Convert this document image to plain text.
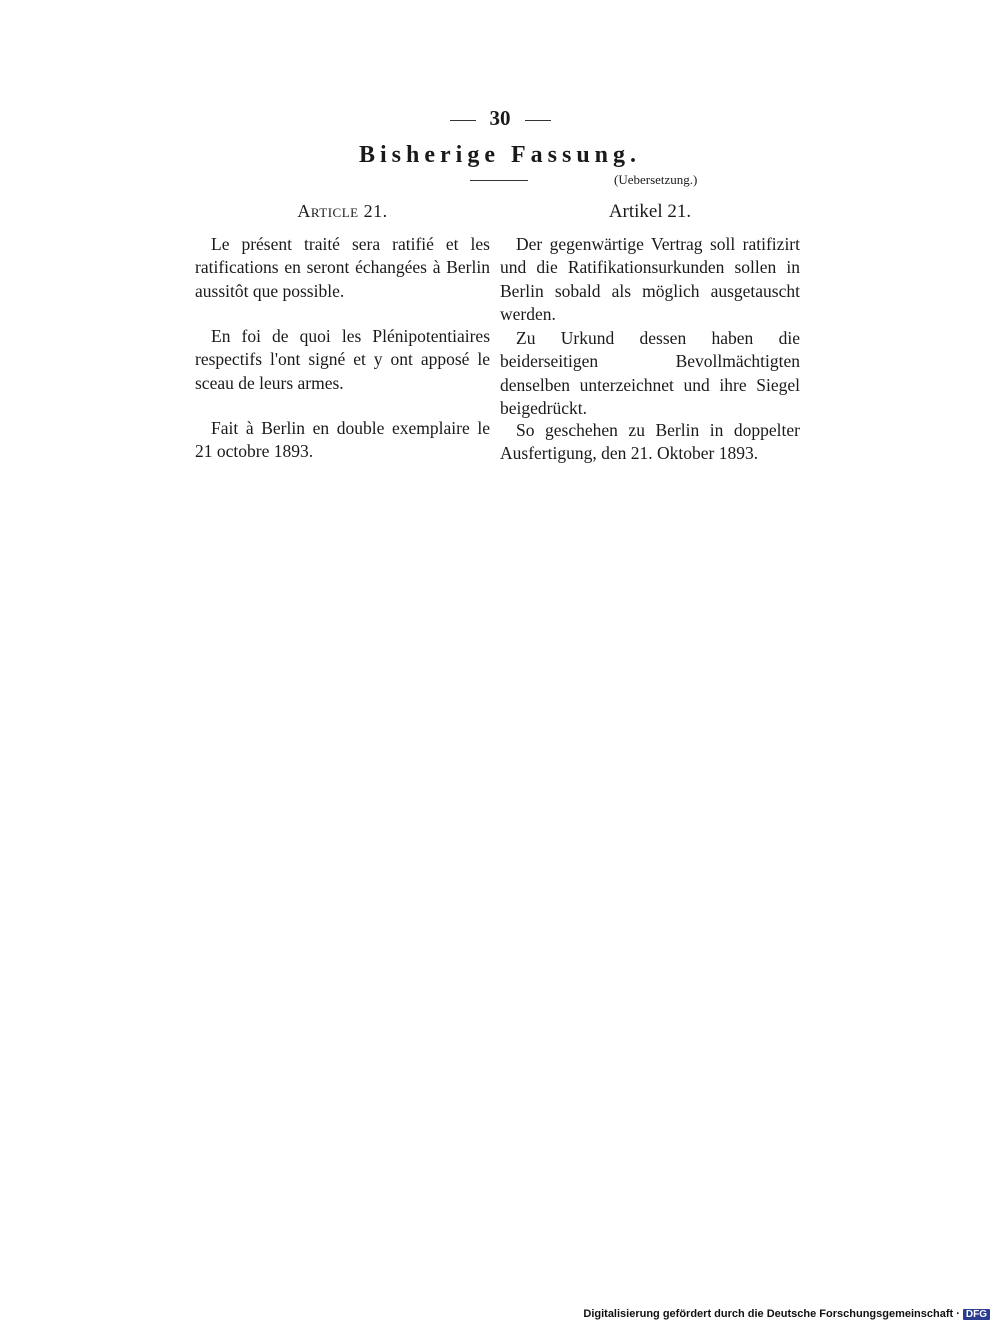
30
Bisherige Fassung.
(Uebersetzung.)

Article 21.

Le présent traité sera ratifié et les ratifications en seront échangées à Berlin aussitôt que possible.

En foi de quoi les Plénipotentiaires respectifs l'ont signé et y ont apposé le sceau de leurs armes.

Fait à Berlin en double exemplaire le 21 octobre 1893.

Artikel 21.

Der gegenwärtige Vertrag soll ratifizirt und die Ratifikationsurkunden sollen in Berlin sobald als möglich ausgetauscht werden.

Zu Urkund dessen haben die beiderseitigen Bevollmächtigten denselben unterzeichnet und ihre Siegel beigedrückt.

So geschehen zu Berlin in doppelter Ausfertigung, den 21. Oktober 1893.

Digitalisierung gefördert durch die Deutsche Forschungsgemeinschaft · DFG
